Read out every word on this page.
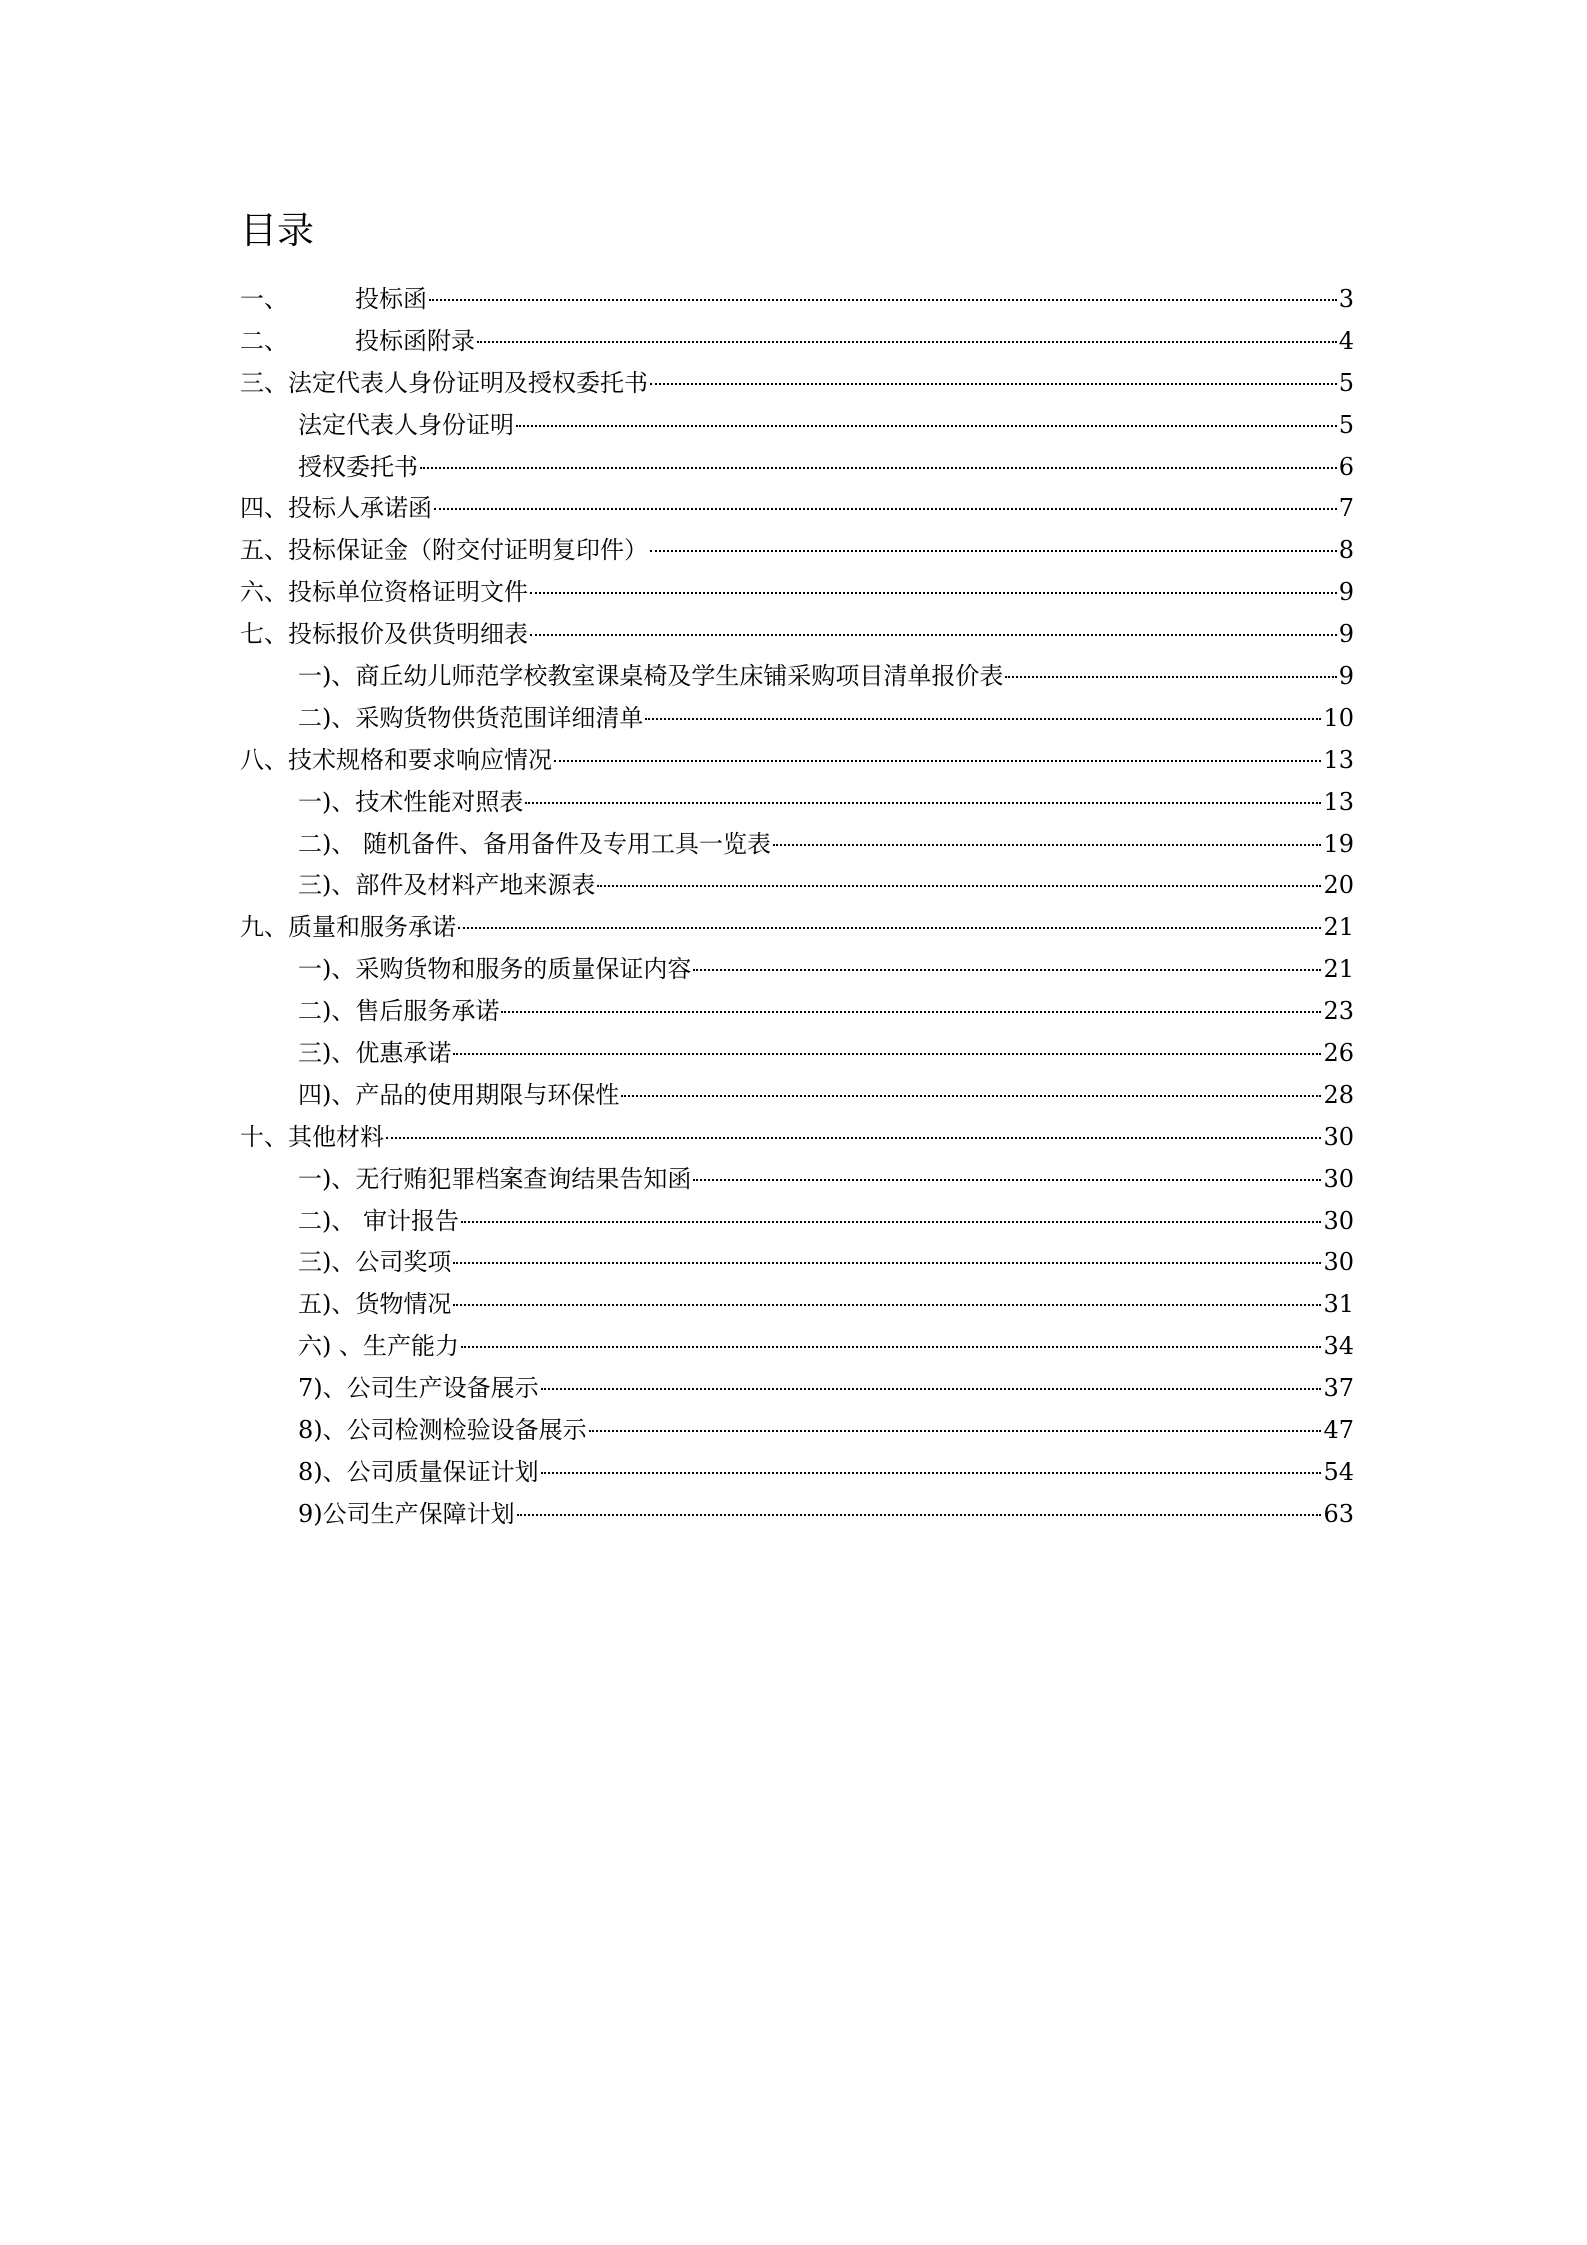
目录
一、	投标函	3
二、	投标函附录	4
三、法定代表人身份证明及授权委托书	5
法定代表人身份证明	5
授权委托书	6
四、投标人承诺函	7
五、投标保证金（附交付证明复印件）	8
六、投标单位资格证明文件	9
七、投标报价及供货明细表	9
一)、商丘幼儿师范学校教室课桌椅及学生床铺采购项目清单报价表	9
二)、采购货物供货范围详细清单	10
八、技术规格和要求响应情况	13
一)、技术性能对照表	13
二)、 随机备件、备用备件及专用工具一览表	19
三)、部件及材料产地来源表	20
九、质量和服务承诺	21
一)、采购货物和服务的质量保证内容	21
二)、售后服务承诺	23
三)、优惠承诺	26
四)、产品的使用期限与环保性	28
十、其他材料	30
一)、无行贿犯罪档案查询结果告知函	30
二)、 审计报告	30
三)、公司奖项	30
五)、货物情况	31
六) 、生产能力	34
7)、公司生产设备展示	37
8)、公司检测检验设备展示	47
8)、公司质量保证计划	54
9)公司生产保障计划	63
